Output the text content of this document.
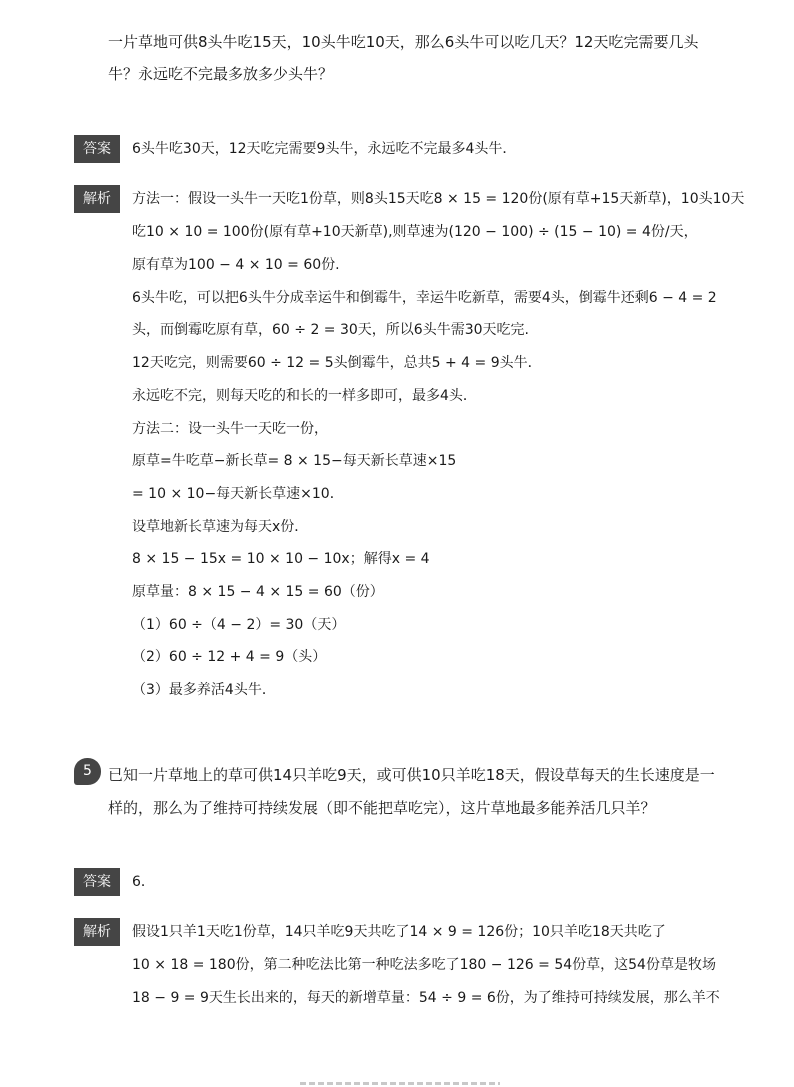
一片草地可供8头牛吃15天，10头牛吃10天，那么6头牛可以吃几天？12天吃完需要几头
牛？永远吃不完最多放多少头牛？
答案	6头牛吃30天，12天吃完需要9头牛，永远吃不完最多4头牛．
解析	方法一：假设一头牛一天吃1份草，则8头15天吃8 × 15 = 120份(原有草+15天新草)，10头10天
吃10 × 10 = 100份(原有草+10天新草),则草速为(120 − 100) ÷ (15 − 10) = 4份/天，
原有草为100 − 4 × 10 = 60份.
6头牛吃，可以把6头牛分成幸运牛和倒霉牛，幸运牛吃新草，需要4头，倒霉牛还剩6 − 4 = 2
头，而倒霉吃原有草，60 ÷ 2 = 30天，所以6头牛需30天吃完.
12天吃完，则需要60 ÷ 12 = 5头倒霉牛，总共5 + 4 = 9头牛．
永远吃不完，则每天吃的和长的一样多即可，最多4头．
方法二：设一头牛一天吃一份，
原草=牛吃草−新长草= 8 × 15−每天新长草速×15
= 10 × 10−每天新长草速×10．
设草地新长草速为每天x份．
8 × 15 − 15x = 10 × 10 − 10x；解得x = 4
原草量：8 × 15 − 4 × 15 = 60（份）
（1）60 ÷（4 − 2）= 30（天）
（2）60 ÷ 12 + 4 = 9（头）
（3）最多养活4头牛．
5	已知一片草地上的草可供14只羊吃9天，或可供10只羊吃18天，假设草每天的生长速度是一
样的，那么为了维持可持续发展（即不能把草吃完），这片草地最多能养活几只羊？
答案	6．
解析	假设1只羊1天吃1份草，14只羊吃9天共吃了14 × 9 = 126份；10只羊吃18天共吃了
10 × 18 = 180份，第二种吃法比第一种吃法多吃了180 − 126 = 54份草，这54份草是牧场
18 − 9 = 9天生长出来的，每天的新增草量：54 ÷ 9 = 6份，为了维持可持续发展，那么羊不
